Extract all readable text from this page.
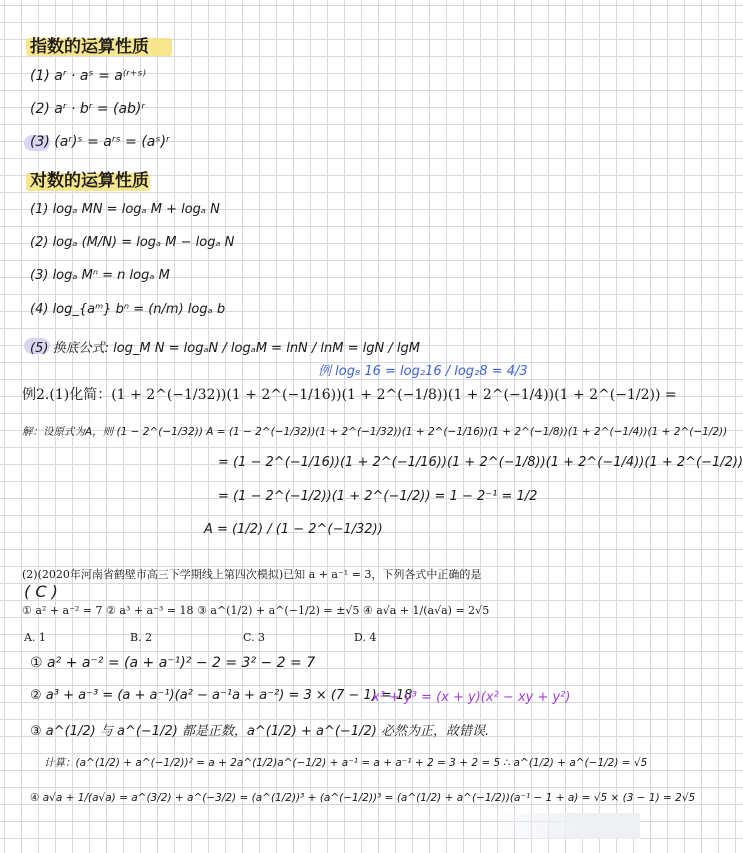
指数的运算性质
(1) aʳ · aˢ = a⁽ʳ⁺ˢ⁾
(2) aʳ · bʳ = (ab)ʳ
(3) (aʳ)ˢ = aʳˢ = (aˢ)ʳ
对数的运算性质
(1) logₐ MN = logₐ M + logₐ N
(2) logₐ (M/N) = logₐ M − logₐ N
(3) logₐ Mⁿ = n logₐ M
(4) log_{aᵐ} bⁿ = (n/m) logₐ b
(5) 换底公式: log_M N = logₐN / logₐM = lnN / lnM = lgN / lgM
例 log₈ 16 = log₂16 / log₂8 = 4/3
例2.(1)化简：(1 + 2^(−1/32))(1 + 2^(−1/16))(1 + 2^(−1/8))(1 + 2^(−1/4))(1 + 2^(−1/2)) =
解：设原式为A，则 (1 − 2^(−1/32)) A = (1 − 2^(−1/32))(1 + 2^(−1/32))(1 + 2^(−1/16))(1 + 2^(−1/8))(1 + 2^(−1/4))(1 + 2^(−1/2))
= (1 − 2^(−1/16))(1 + 2^(−1/16))(1 + 2^(−1/8))(1 + 2^(−1/4))(1 + 2^(−1/2))
= (1 − 2^(−1/2))(1 + 2^(−1/2)) = 1 − 2⁻¹ = 1/2
A = (1/2) / (1 − 2^(−1/32))
(2)(2020年河南省鹤壁市高三下学期线上第四次模拟)已知 a + a⁻¹ = 3，下列各式中正确的是
( C )
① a² + a⁻² = 7 ② a³ + a⁻³ = 18 ③ a^(1/2) + a^(−1/2) = ±√5 ④ a√a + 1/(a√a) = 2√5
A. 1	B. 2	C. 3	D. 4
① a² + a⁻² = (a + a⁻¹)² − 2 = 3² − 2 = 7
② a³ + a⁻³ = (a + a⁻¹)(a² − a⁻¹a + a⁻²) = 3 × (7 − 1) = 18
x³ + y³ = (x + y)(x² − xy + y²)
③ a^(1/2) 与 a^(−1/2) 都是正数，a^(1/2) + a^(−1/2) 必然为正，故错误.
计算：(a^(1/2) + a^(−1/2))² = a + 2a^(1/2)a^(−1/2) + a⁻¹ = a + a⁻¹ + 2 = 3 + 2 = 5 ∴ a^(1/2) + a^(−1/2) = √5
④ a√a + 1/(a√a) = a^(3/2) + a^(−3/2) = (a^(1/2))³ + (a^(−1/2))³ = (a^(1/2) + a^(−1/2))(a⁻¹ − 1 + a) = √5 × (3 − 1) = 2√5
